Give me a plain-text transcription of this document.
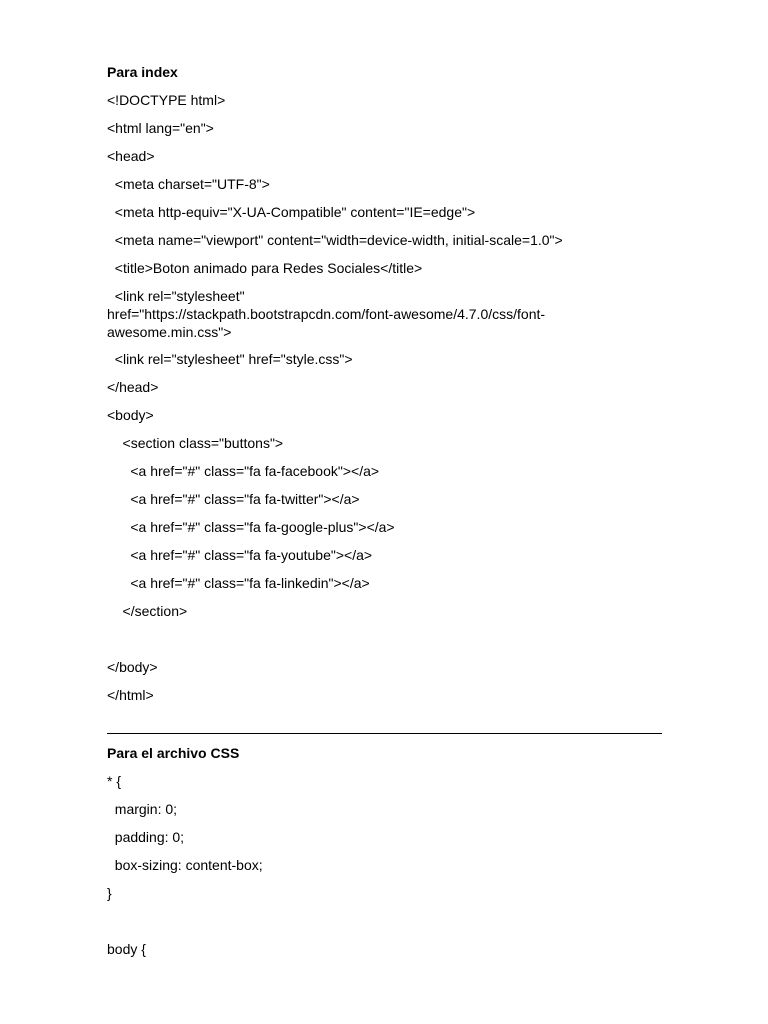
Para index
<!DOCTYPE html>
<html lang="en">
<head>
<meta charset="UTF-8">
<meta http-equiv="X-UA-Compatible" content="IE=edge">
<meta name="viewport" content="width=device-width, initial-scale=1.0">
<title>Boton animado para Redes Sociales</title>
<link rel="stylesheet"
href="https://stackpath.bootstrapcdn.com/font-awesome/4.7.0/css/font-
awesome.min.css">
<link rel="stylesheet" href="style.css">
</head>
<body>
<section class="buttons">
<a href="#" class="fa fa-facebook"></a>
<a href="#" class="fa fa-twitter"></a>
<a href="#" class="fa fa-google-plus"></a>
<a href="#" class="fa fa-youtube"></a>
<a href="#" class="fa fa-linkedin"></a>
</section>
</body>
</html>
Para el archivo CSS
* {
margin: 0;
padding: 0;
box-sizing: content-box;
}
body {
